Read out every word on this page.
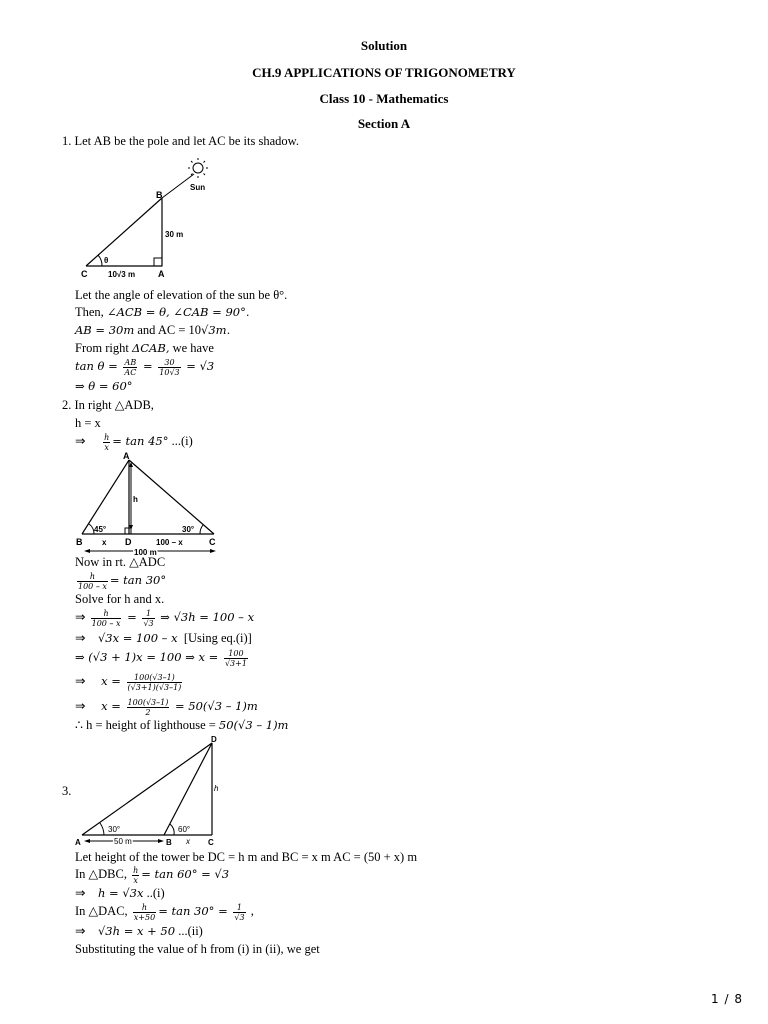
Solution
CH.9 APPLICATIONS OF TRIGONOMETRY
Class 10 - Mathematics
Section A
1. Let AB be the pole and let AC be its shadow.
B
Sun
30 m
θ
C	10√3 m	A
Let the angle of elevation of the sun be θ°.
Then, ∠ACB = θ, ∠CAB = 90°.
AB = 30m and AC = 10√3m.
From right ΔCAB, we have
$\tan \theta = \frac{AB}{AC} = \frac{30}{10√3} = √3$
⇒ θ = 60°
2. In right △ADB,
h = x
⇒ $\frac{h}{x} = \tan 45^\circ$ ...(i)
A
h
45°	30°
B x D	100 – x	C
100 m
Now in rt. △ADC
$\frac{h}{100 - x} = \tan 30^\circ$
Solve for h and x.
⇒ $\frac{h}{100 - x} = \frac{1}{√3}$ ⇒ √3h = 100 – x
⇒ √3x = 100 – x [Using eq.(i)]
⇒ (√3 + 1)x = 100 ⇒ $x = \frac{100}{√3+1}$
⇒ $x = \frac{100(√3-1)}{(√3+1)(√3-1)}$
⇒ $x = \frac{100(√3-1)}{2} = 50(√3 - 1)m$
∴ h = height of lighthouse = 50(√3 – 1)m
3.
D
h
30°	60°
A	50 m	B x C
Let height of the tower be DC = h m and BC = x m AC = (50 + x) m
In △DBC, $\frac{h}{x} = \tan 60^\circ = √3$
⇒ h = √3x ..(i)
In △DAC, $\frac{h}{x+50} = \tan 30^\circ = \frac{1}{√3}$ ,
⇒ √3h = x + 50 ...(ii)
Substituting the value of h from (i) in (ii), we get
1 / 8
